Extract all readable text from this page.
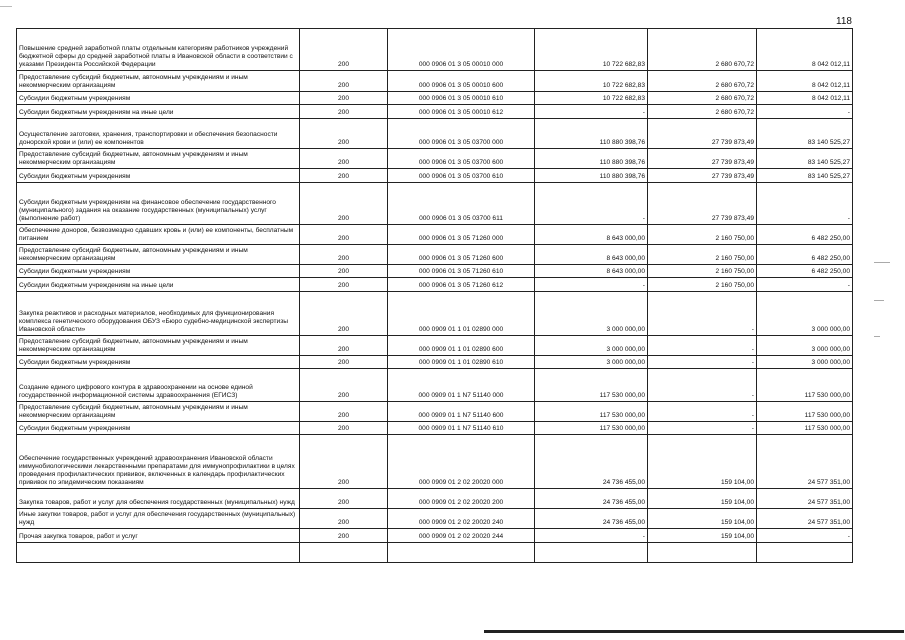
118
Повышение средней заработной платы отдельным категориям работников учреждений бюджетной сферы до средней заработной платы в Ивановской области в соответствии с указами Президента Российской Федерации	200	000 0906 01 3 05 00010 000	10 722 682,83	2 680 670,72	8 042 012,11
Предоставление субсидий бюджетным, автономным учреждениям и иным некоммерческим организациям	200	000 0906 01 3 05 00010 600	10 722 682,83	2 680 670,72	8 042 012,11
Субсидии бюджетным учреждениям	200	000 0906 01 3 05 00010 610	10 722 682,83	2 680 670,72	8 042 012,11
Субсидии бюджетным учреждениям на иные цели	200	000 0906 01 3 05 00010 612	-	2 680 670,72	-
Осуществление заготовки, хранения, транспортировки и обеспечения безопасности донорской крови и (или) ее компонентов	200	000 0906 01 3 05 03700 000	110 880 398,76	27 739 873,49	83 140 525,27
Предоставление субсидий бюджетным, автономным учреждениям и иным некоммерческим организациям	200	000 0906 01 3 05 03700 600	110 880 398,76	27 739 873,49	83 140 525,27
Субсидии бюджетным учреждениям	200	000 0906 01 3 05 03700 610	110 880 398,76	27 739 873,49	83 140 525,27
Субсидии бюджетным учреждениям на финансовое обеспечение государственного (муниципального) задания на оказание государственных (муниципальных) услуг (выполнение работ)	200	000 0906 01 3 05 03700 611	-	27 739 873,49	-
Обеспечение доноров, безвозмездно сдавших кровь и (или) ее компоненты, бесплатным питанием	200	000 0906 01 3 05 71260 000	8 643 000,00	2 160 750,00	6 482 250,00
Предоставление субсидий бюджетным, автономным учреждениям и иным некоммерческим организациям	200	000 0906 01 3 05 71260 600	8 643 000,00	2 160 750,00	6 482 250,00
Субсидии бюджетным учреждениям	200	000 0906 01 3 05 71260 610	8 643 000,00	2 160 750,00	6 482 250,00
Субсидии бюджетным учреждениям на иные цели	200	000 0906 01 3 05 71260 612	-	2 160 750,00	-
Закупка реактивов и расходных материалов, необходимых для функционирования комплекса генетического оборудования ОБУЗ «Бюро судебно-медицинской экспертизы Ивановской области»	200	000 0909 01 1 01 02890 000	3 000 000,00	-	3 000 000,00
Предоставление субсидий бюджетным, автономным учреждениям и иным некоммерческим организациям	200	000 0909 01 1 01 02890 600	3 000 000,00	-	3 000 000,00
Субсидии бюджетным учреждениям	200	000 0909 01 1 01 02890 610	3 000 000,00	-	3 000 000,00
Создание единого цифрового контура в здравоохранении на основе единой государственной информационной системы здравоохранения (ЕГИСЗ)	200	000 0909 01 1 N7 51140 000	117 530 000,00	-	117 530 000,00
Предоставление субсидий бюджетным, автономным учреждениям и иным некоммерческим организациям	200	000 0909 01 1 N7 51140 600	117 530 000,00	-	117 530 000,00
Субсидии бюджетным учреждениям	200	000 0909 01 1 N7 51140 610	117 530 000,00	-	117 530 000,00
Обеспечение государственных учреждений здравоохранения Ивановской области иммунобиологическими лекарственными препаратами для иммунопрофилактики в целях проведения профилактических прививок, включенных в календарь профилактических прививок по эпидемическим показаниям	200	000 0909 01 2 02 20020 000	24 736 455,00	159 104,00	24 577 351,00
Закупка товаров, работ и услуг для обеспечения государственных (муниципальных) нужд	200	000 0909 01 2 02 20020 200	24 736 455,00	159 104,00	24 577 351,00
Иные закупки товаров, работ и услуг для обеспечения государственных (муниципальных) нужд	200	000 0909 01 2 02 20020 240	24 736 455,00	159 104,00	24 577 351,00
Прочая закупка товаров, работ и услуг	200	000 0909 01 2 02 20020 244	-	159 104,00	-
